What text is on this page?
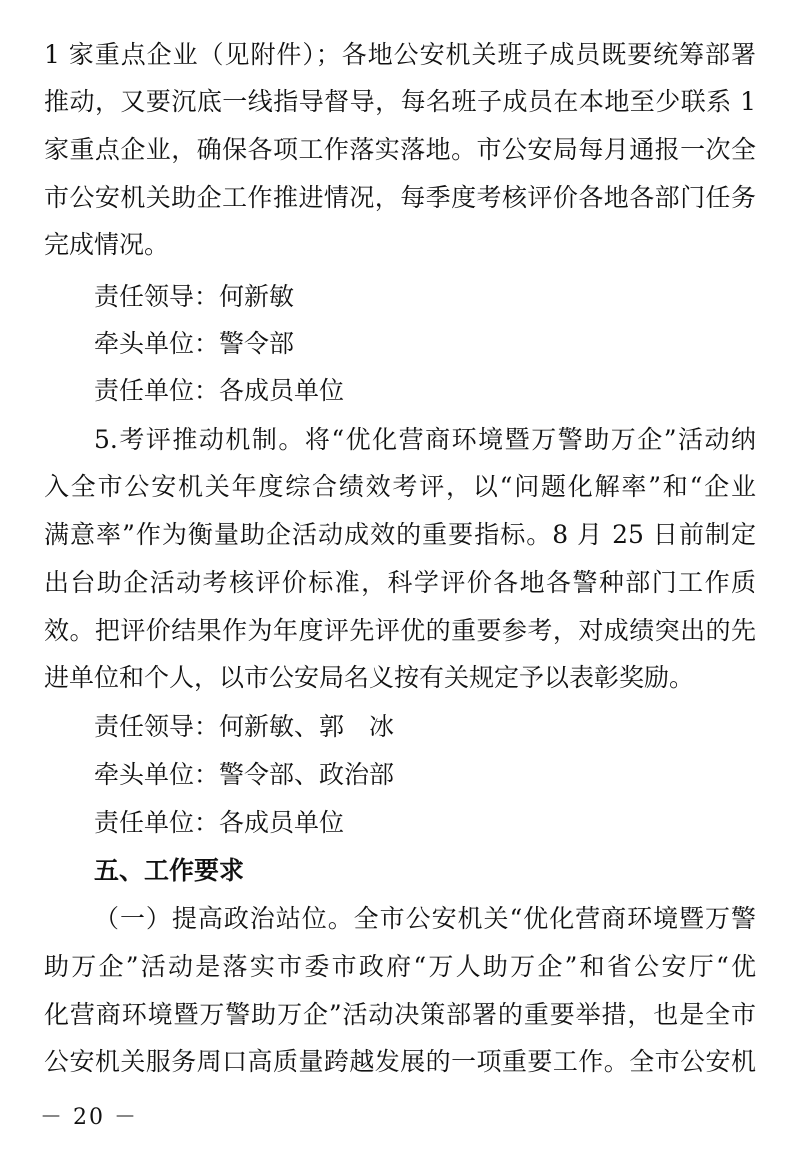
1 家重点企业（见附件）；各地公安机关班子成员既要统筹部署
推动，又要沉底一线指导督导，每名班子成员在本地至少联系 1
家重点企业，确保各项工作落实落地。市公安局每月通报一次全
市公安机关助企工作推进情况，每季度考核评价各地各部门任务
完成情况。
责任领导：何新敏
牵头单位：警令部
责任单位：各成员单位
5.考评推动机制。将“优化营商环境暨万警助万企”活动纳
入全市公安机关年度综合绩效考评，以“问题化解率”和“企业
满意率”作为衡量助企活动成效的重要指标。8 月 25 日前制定
出台助企活动考核评价标准，科学评价各地各警种部门工作质
效。把评价结果作为年度评先评优的重要参考，对成绩突出的先
进单位和个人，以市公安局名义按有关规定予以表彰奖励。
责任领导：何新敏、郭　冰
牵头单位：警令部、政治部
责任单位：各成员单位
五、工作要求
（一）提高政治站位。全市公安机关“优化营商环境暨万警
助万企”活动是落实市委市政府“万人助万企”和省公安厅“优
化营商环境暨万警助万企”活动决策部署的重要举措，也是全市
公安机关服务周口高质量跨越发展的一项重要工作。全市公安机
－ 20 －
